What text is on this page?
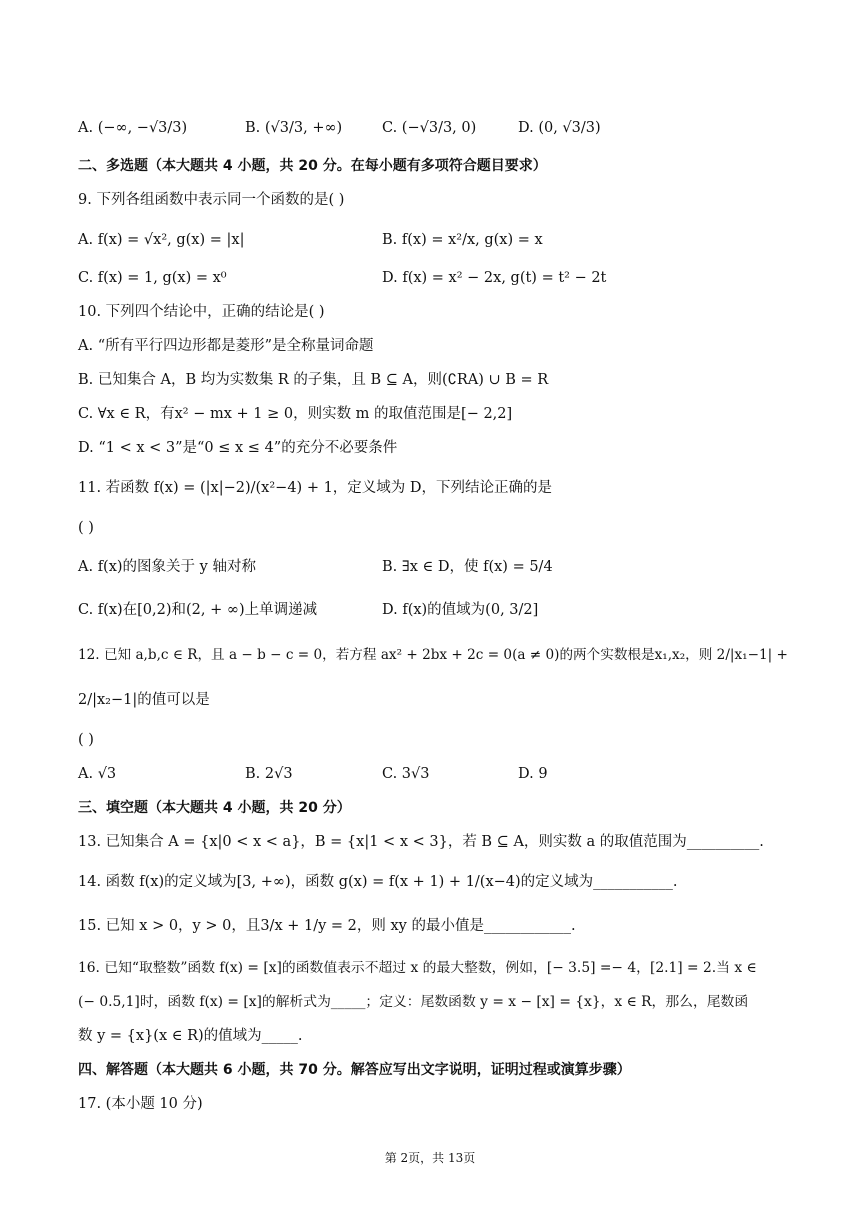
A. (−∞, −√3/3)	B. (√3/3, +∞)	C. (−√3/3, 0)	D. (0, √3/3)
二、多选题（本大题共 4 小题，共 20 分。在每小题有多项符合题目要求）
9. 下列各组函数中表示同一个函数的是( )
A. f(x) = √x², g(x) = |x|	B. f(x) = x²/x, g(x) = x
C. f(x) = 1, g(x) = x⁰	D. f(x) = x² − 2x, g(t) = t² − 2t
10. 下列四个结论中，正确的结论是( )
A. “所有平行四边形都是菱形”是全称量词命题
B. 已知集合 A，B 均为实数集 R 的子集，且 B ⊆ A，则(∁RA) ∪ B = R
C. ∀x ∈ R，有x² − mx + 1 ≥ 0，则实数 m 的取值范围是[− 2,2]
D. “1 < x < 3”是“0 ≤ x ≤ 4”的充分不必要条件
11. 若函数 f(x) = (|x|−2)/(x²−4) + 1，定义域为 D，下列结论正确的是
( )
A. f(x)的图象关于 y 轴对称	B. ∃x ∈ D，使 f(x) = 5/4
C. f(x)在[0,2)和(2, + ∞)上单调递减	D. f(x)的值域为(0, 3/2]
12. 已知 a,b,c ∈ R，且 a − b − c = 0，若方程 ax² + 2bx + 2c = 0(a ≠ 0)的两个实数根是x₁,x₂，则 2/|x₁−1| +
2/|x₂−1|的值可以是
( )
A. √3	B. 2√3	C. 3√3	D. 9
三、填空题（本大题共 4 小题，共 20 分）
13. 已知集合 A = {x|0 < x < a}，B = {x|1 < x < 3}，若 B ⊆ A，则实数 a 的取值范围为__________.
14. 函数 f(x)的定义域为[3, +∞)，函数 g(x) = f(x + 1) + 1/(x−4)的定义域为___________.
15. 已知 x > 0，y > 0，且3/x + 1/y = 2，则 xy 的最小值是____________.
16. 已知“取整数”函数 f(x) = [x]的函数值表示不超过 x 的最大整数，例如，[− 3.5] =− 4，[2.1] = 2.当 x ∈
(− 0.5,1]时，函数 f(x) = [x]的解析式为_____；定义：尾数函数 y = x − [x] = {x}，x ∈ R，那么，尾数函
数 y = {x}(x ∈ R)的值域为_____.
四、解答题（本大题共 6 小题，共 70 分。解答应写出文字说明，证明过程或演算步骤）
17. (本小题 10 分)
第 2页，共 13页
